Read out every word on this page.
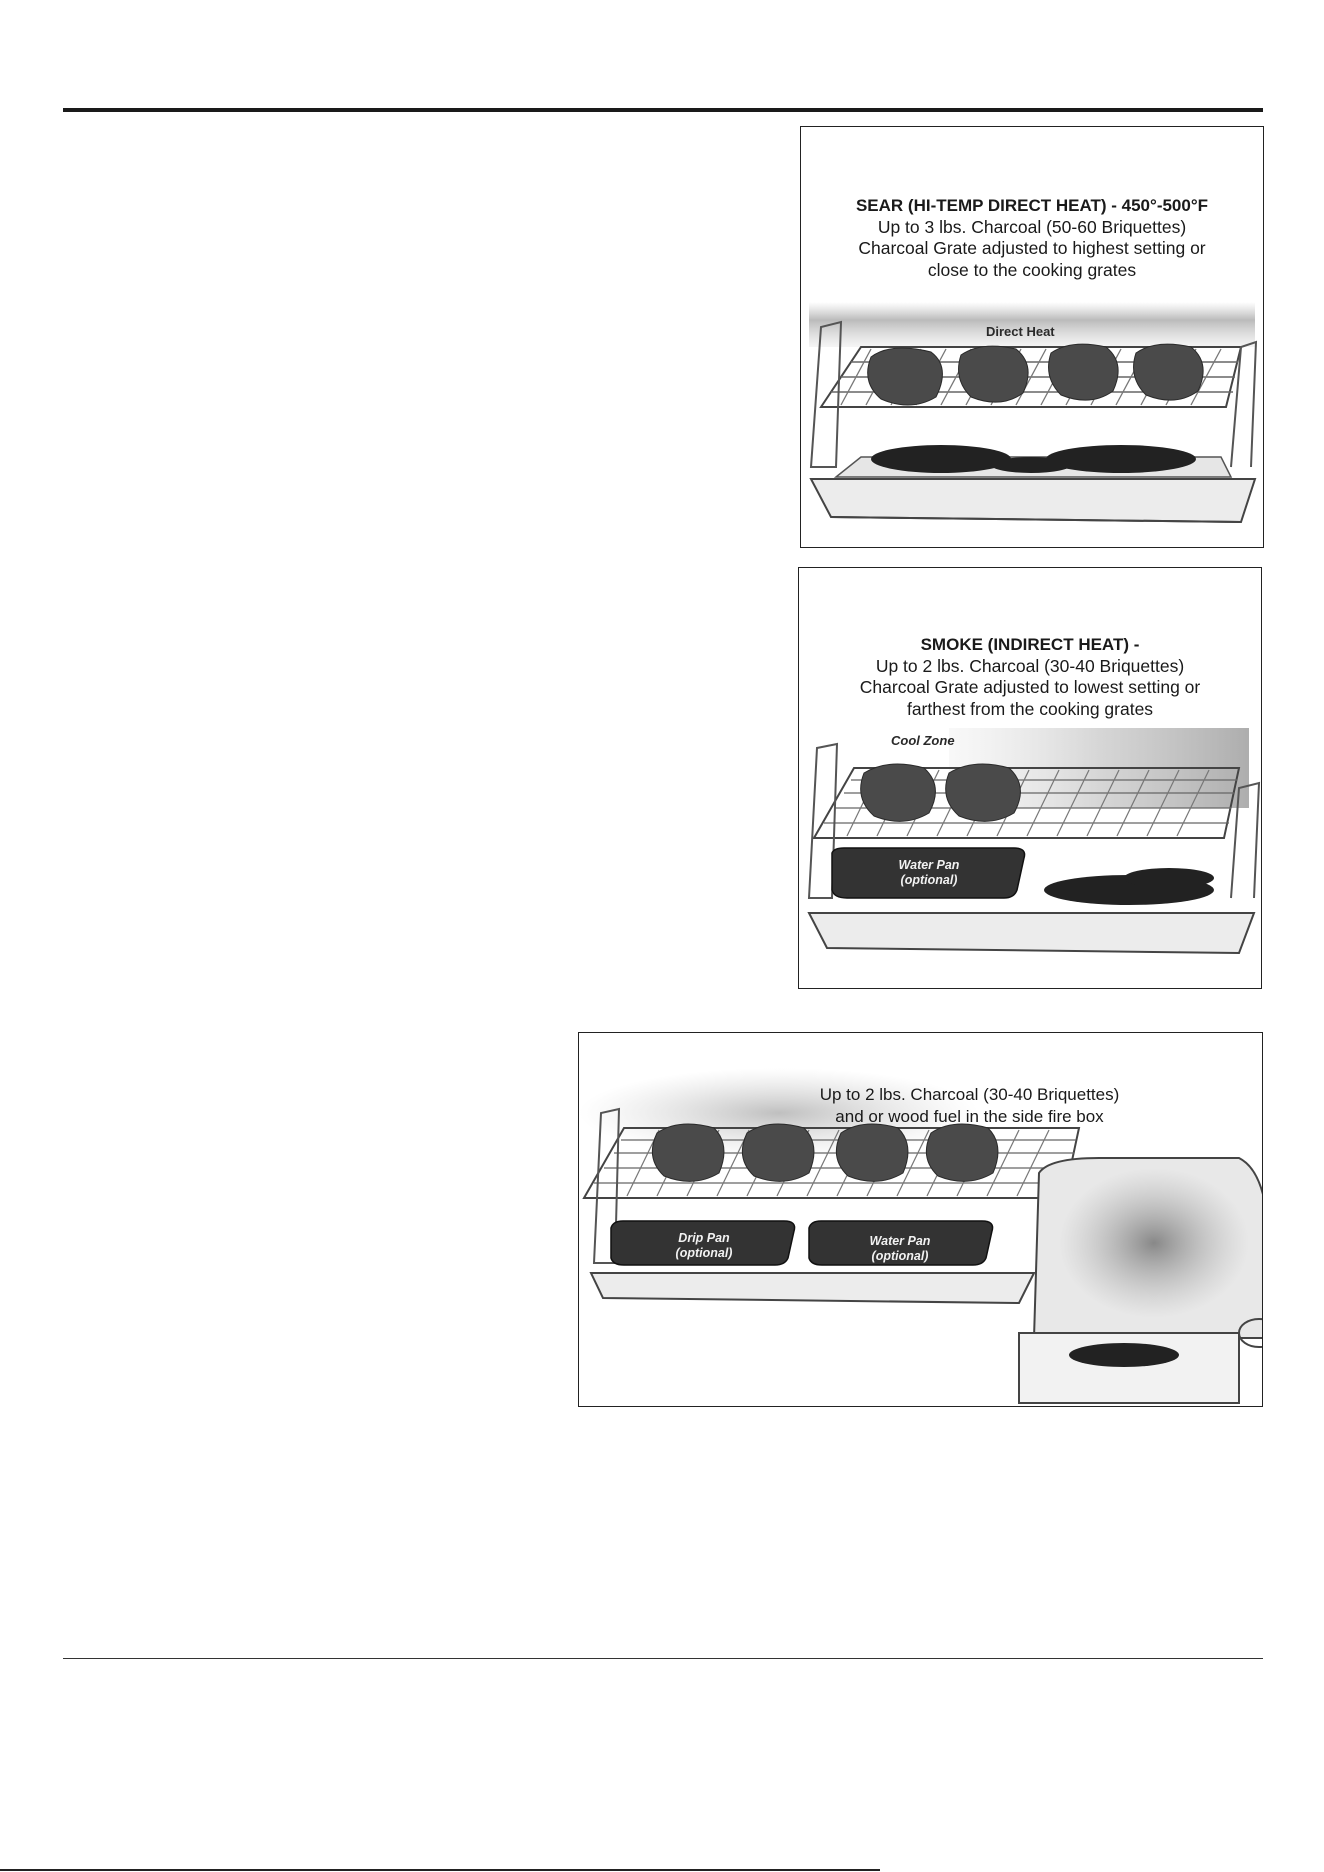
SEAR (HI-TEMP DIRECT HEAT) - 450°-500°F
Up to 3 lbs. Charcoal (50-60 Briquettes)
Charcoal Grate adjusted to highest setting or
close to the cooking grates
Direct Heat
SMOKE (INDIRECT HEAT) -
Up to 2 lbs. Charcoal (30-40 Briquettes)
Charcoal Grate adjusted to lowest setting or
farthest from the cooking grates
Cool Zone
Water Pan
(optional)
Up to 2 lbs. Charcoal (30-40 Briquettes)
and or wood fuel in the side fire box
Drip Pan
(optional)
Water Pan
(optional)
